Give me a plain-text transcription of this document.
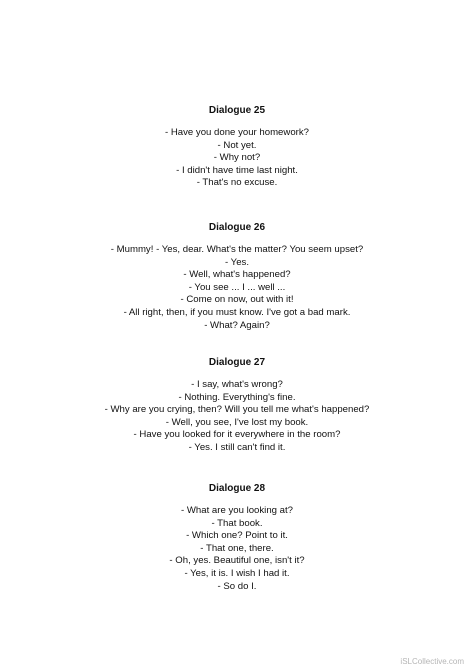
Dialogue 25
- Have you done your homework?
- Not yet.
- Why not?
- I didn't have time last night.
- That's no excuse.
Dialogue 26
- Mummy! - Yes, dear. What's the matter? You seem upset?
- Yes.
- Well, what's happened?
- You see ... I ... well ...
- Come on now, out with it!
- All right, then, if you must know. I've got a bad mark.
- What? Again?
Dialogue 27
- I say, what's wrong?
- Nothing. Everything's fine.
- Why are you crying, then? Will you tell me what's happened?
- Well, you see, I've lost my book.
- Have you looked for it everywhere in the room?
- Yes. I still can't find it.
Dialogue 28
- What are you looking at?
- That book.
- Which one? Point to it.
- That one, there.
- Oh, yes. Beautiful one, isn't it?
- Yes, it is. I wish I had it.
- So do I.
iSLCollective.com
